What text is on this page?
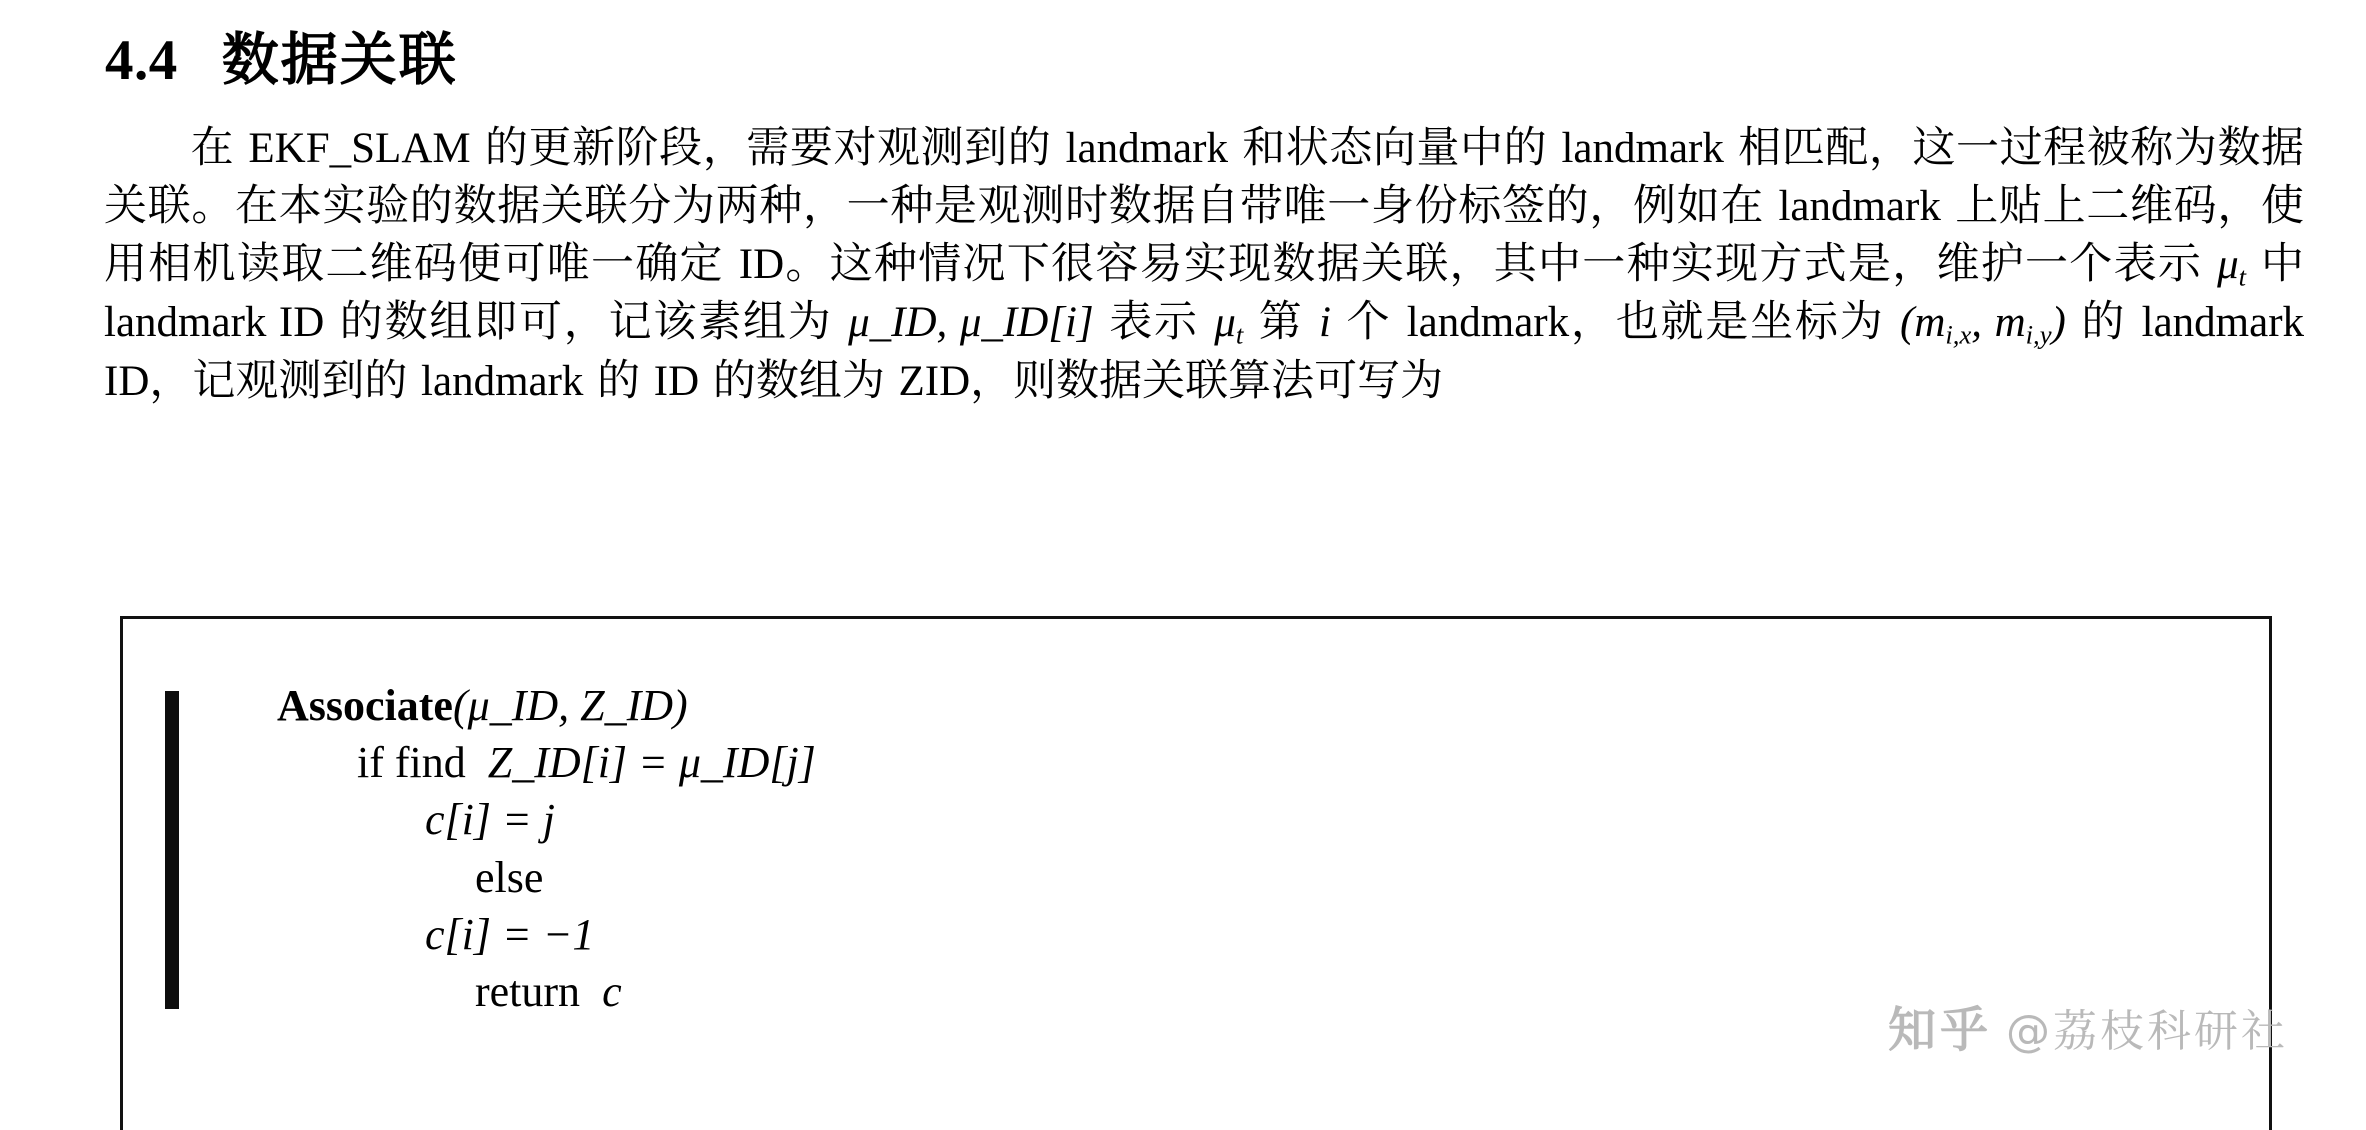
4.4 数据关联

在 EKF_SLAM 的更新阶段，需要对观测到的 landmark 和状态向量中的 landmark 相匹配，这一过程被称为数据关联。在本实验的数据关联分为两种，一种是观测时数据自带唯一身份标签的，例如在 landmark 上贴上二维码，使用相机读取二维码便可唯一确定 ID。这种情况下很容易实现数据关联，其中一种实现方式是，维护一个表示 $\mu_t$ 中 landmark ID 的数组即可，记该素组为 μ_ID, μ_ID[i] 表示 $\mu_t$ 第 i 个 landmark，也就是坐标为 ($m_{i,x}$, $m_{i,y}$) 的 landmark ID，记观测到的 landmark 的 ID 的数组为 ZID，则数据关联算法可写为

Associate(μ_ID, Z_ID)
if find Z_ID[i] = μ_ID[j]
c[i] = j
else
c[i] = −1
return c
知乎 @荔枝科研社
